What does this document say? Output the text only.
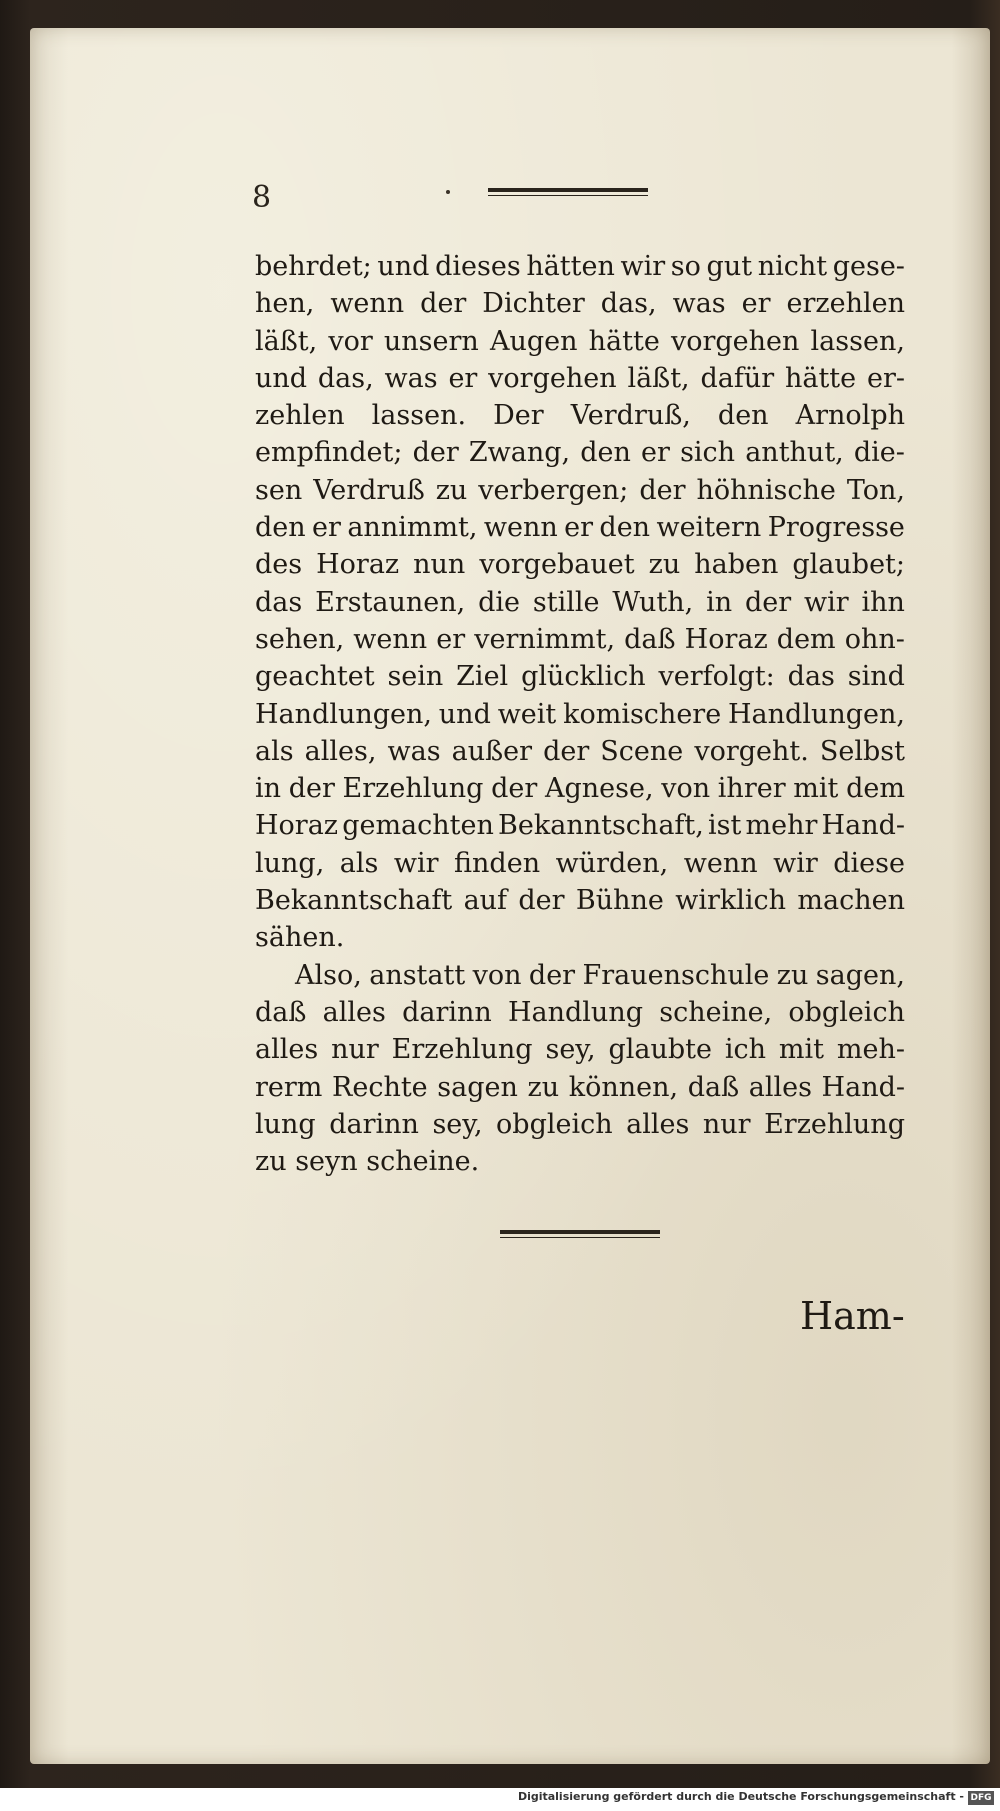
8
behrdet; und dieses hätten wir so gut nicht gese-
hen, wenn der Dichter das, was er erzehlen
läßt, vor unsern Augen hätte vorgehen lassen,
und das, was er vorgehen läßt, dafür hätte er-
zehlen lassen. Der Verdruß, den Arnolph
empfindet; der Zwang, den er sich anthut, die-
sen Verdruß zu verbergen; der höhnische Ton,
den er annimmt, wenn er den weitern Progresse
des Horaz nun vorgebauet zu haben glaubet;
das Erstaunen, die stille Wuth, in der wir ihn
sehen, wenn er vernimmt, daß Horaz dem ohn-
geachtet sein Ziel glücklich verfolgt: das sind
Handlungen, und weit komischere Handlungen,
als alles, was außer der Scene vorgeht. Selbst
in der Erzehlung der Agnese, von ihrer mit dem
Horaz gemachten Bekanntschaft, ist mehr Hand-
lung, als wir finden würden, wenn wir diese
Bekanntschaft auf der Bühne wirklich machen
sähen.
Also, anstatt von der Frauenschule zu sagen,
daß alles darinn Handlung scheine, obgleich
alles nur Erzehlung sey, glaubte ich mit meh-
rerm Rechte sagen zu können, daß alles Hand-
lung darinn sey, obgleich alles nur Erzehlung
zu seyn scheine.
Ham-
Digitalisierung gefördert durch die Deutsche Forschungsgemeinschaft - DFG
